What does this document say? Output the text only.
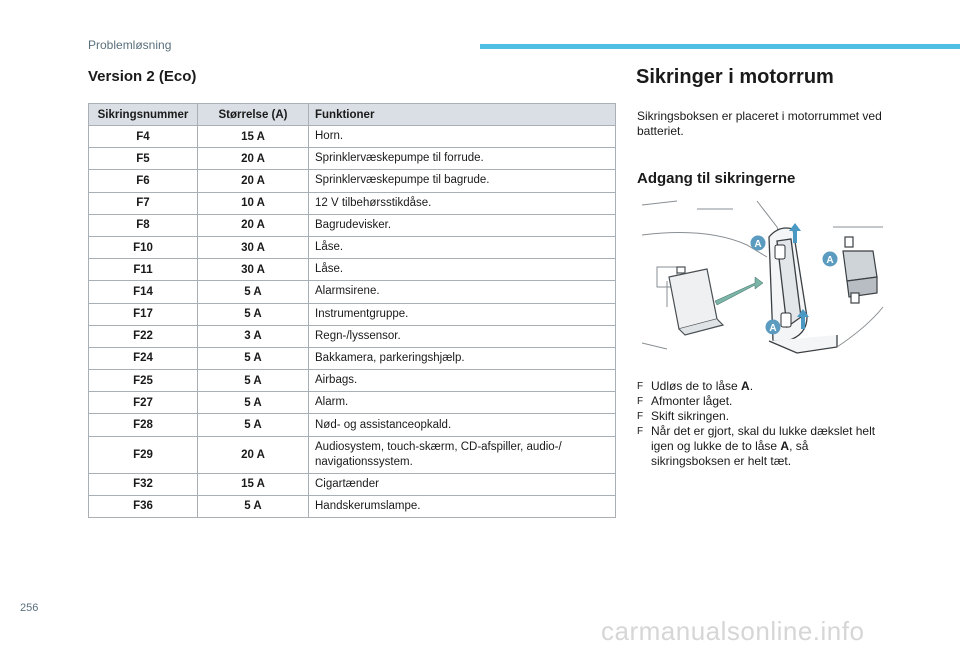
Problemløsning
Version 2 (Eco)
Sikringsnummer	Størrelse (A)	Funktioner
F4	15 A	Horn.
F5	20 A	Sprinklervæskepumpe til forrude.
F6	20 A	Sprinklervæskepumpe til bagrude.
F7	10 A	12 V tilbehørsstikdåse.
F8	20 A	Bagrudevisker.
F10	30 A	Låse.
F11	30 A	Låse.
F14	5 A	Alarmsirene.
F17	5 A	Instrumentgruppe.
F22	3 A	Regn-/lyssensor.
F24	5 A	Bakkamera, parkeringshjælp.
F25	5 A	Airbags.
F27	5 A	Alarm.
F28	5 A	Nød- og assistanceopkald.
F29	20 A	Audiosystem, touch-skærm, CD-afspiller, audio-/ navigationssystem.
F32	15 A	Cigartænder
F36	5 A	Handskerumslampe.
Sikringer i motorrum
Sikringsboksen er placeret i motorrummet ved batteriet.
Adgang til sikringerne
A
A
A
F Udløs de to låse A.
F Afmonter låget.
F Skift sikringen.
F Når det er gjort, skal du lukke dækslet helt igen og lukke de to låse A, så sikringsboksen er helt tæt.
256
carmanualsonline.info
